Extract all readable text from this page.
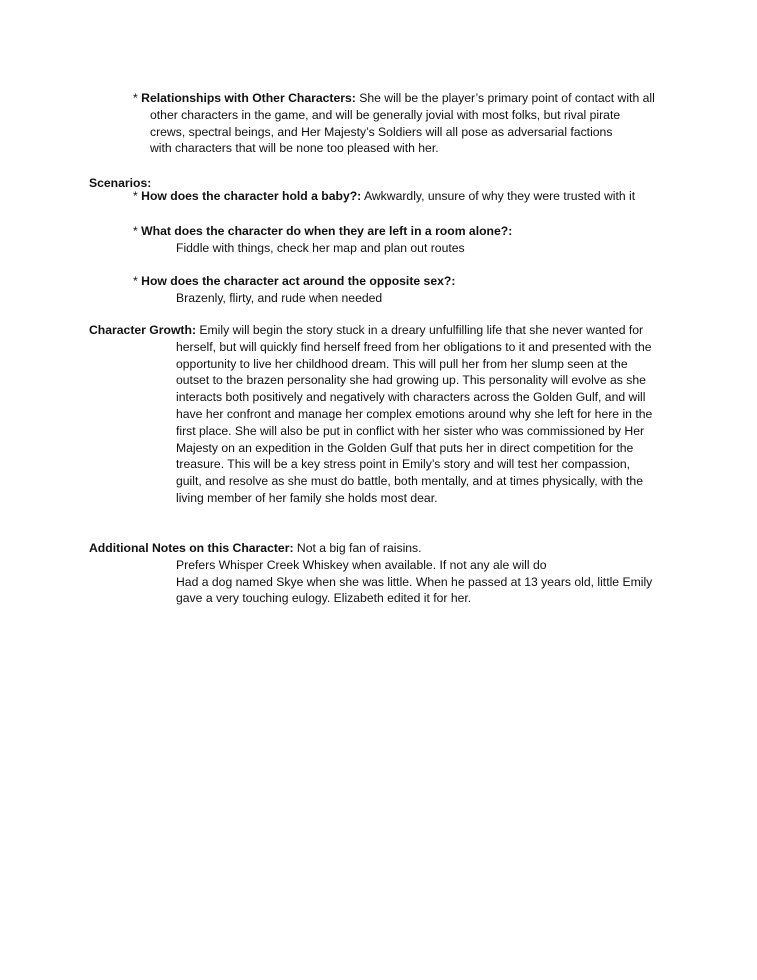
* Relationships with Other Characters: She will be the player’s primary point of contact with all
other characters in the game, and will be generally jovial with most folks, but rival pirate
crews, spectral beings, and Her Majesty’s Soldiers will all pose as adversarial factions
with characters that will be none too pleased with her.
Scenarios:
* How does the character hold a baby?: Awkwardly, unsure of why they were trusted with it
* What does the character do when they are left in a room alone?:
Fiddle with things, check her map and plan out routes
* How does the character act around the opposite sex?:
Brazenly, flirty, and rude when needed
Character Growth: Emily will begin the story stuck in a dreary unfulfilling life that she never wanted for
herself, but will quickly find herself freed from her obligations to it and presented with the
opportunity to live her childhood dream. This will pull her from her slump seen at the
outset to the brazen personality she had growing up. This personality will evolve as she
interacts both positively and negatively with characters across the Golden Gulf, and will
have her confront and manage her complex emotions around why she left for here in the
first place. She will also be put in conflict with her sister who was commissioned by Her
Majesty on an expedition in the Golden Gulf that puts her in direct competition for the
treasure. This will be a key stress point in Emily’s story and will test her compassion,
guilt, and resolve as she must do battle, both mentally, and at times physically, with the
living member of her family she holds most dear.
Additional Notes on this Character: Not a big fan of raisins.
Prefers Whisper Creek Whiskey when available. If not any ale will do
Had a dog named Skye when she was little. When he passed at 13 years old, little Emily
gave a very touching eulogy. Elizabeth edited it for her.
